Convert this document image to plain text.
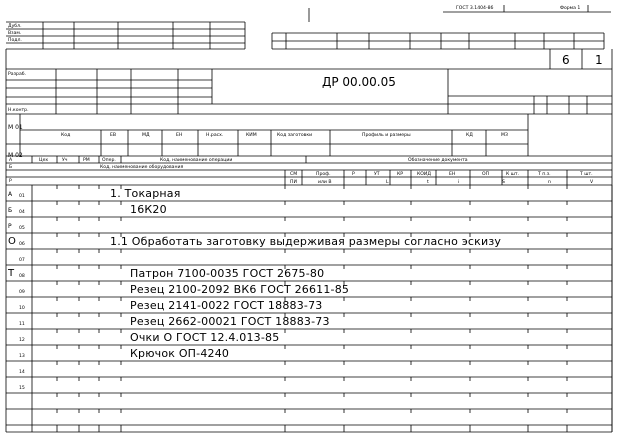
ГОСТ 3.1404-86	Форма 1
Дубл.
Взам.
Подл.
Разраб.
Н.контр.
6 1
ДР 00.00.05
М 01
М 02
Код	ЕВ	МД	ЕН	Н.расх.	КИМ	Код заготовки	Профиль и размеры	КД	МЗ
А	Цех	Уч	РМ	Опер.	Код, наименование операции	Обозначение документа
Б	Код, наименование оборудования
СМ	Проф.	Р	УТ	КР	КОИД	ЕН	ОП	К шт.	Т п.з.	Т шт.
Р	ПИ	или В	L	t	i	S	n	V
А 01	1. Токарная
Б 04	16К20
Р 05
О 06	1.1 Обработать заготовку выдерживая размеры согласно эскизу
07
Т 08	Патрон 7100-0035 ГОСТ 2675-80
09	Резец 2100-2092 ВК6 ГОСТ 26611-85
10	Резец 2141-0022 ГОСТ 18883-73
11	Резец 2662-00021 ГОСТ 18883-73
12	Очки О ГОСТ 12.4.013-85
13	Крючок ОП-4240
14
15
